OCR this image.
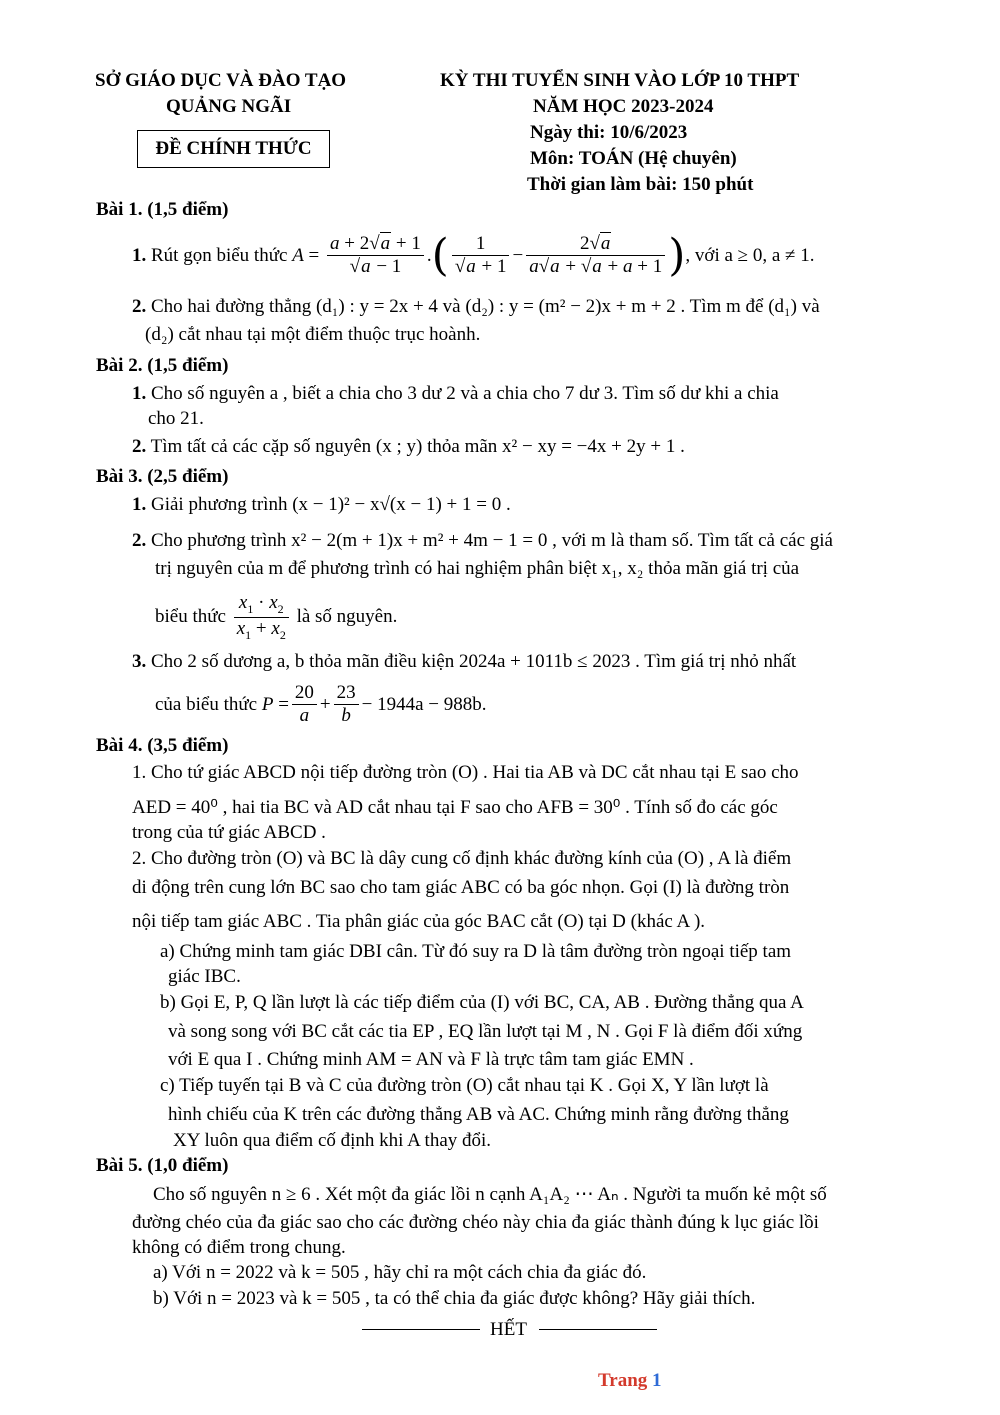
SỞ GIÁO DỤC VÀ ĐÀO TẠO
QUẢNG NGÃI
ĐỀ CHÍNH THỨC
KỲ THI TUYỂN SINH VÀO LỚP 10 THPT
NĂM HỌC 2023-2024
Ngày thi: 10/6/2023
Môn: TOÁN (Hệ chuyên)
Thời gian làm bài: 150 phút
Bài 1. (1,5 điểm)
1.
Rút gọn biểu thức
$A = \frac{a + 2√a + 1}{√a - 1}$ . ( $\frac{1}{√a + 1} - \frac{2√a}{a√a + √a + a + 1}$ ) , với a ≥ 0, a ≠ 1.
2. Cho hai đường thẳng (d₁) : y = 2x + 4 và (d₂) : y = (m² − 2)x + m + 2 . Tìm m để (d₁) và
(d₂) cắt nhau tại một điểm thuộc trục hoành.
Bài 2. (1,5 điểm)
1. Cho số nguyên a , biết a chia cho 3 dư 2 và a chia cho 7 dư 3. Tìm số dư khi a chia
cho 21.
2. Tìm tất cả các cặp số nguyên (x ; y) thỏa mãn x² − xy = −4x + 2y + 1 .
Bài 3. (2,5 điểm)
1. Giải phương trình (x − 1)² − x√(x − 1) + 1 = 0 .
2. Cho phương trình x² − 2(m + 1)x + m² + 4m − 1 = 0 , với m là tham số. Tìm tất cả các giá
trị nguyên của m để phương trình có hai nghiệm phân biệt x₁, x₂ thỏa mãn giá trị của
biểu thức
$\frac{x_1 \cdot x_2}{x_1 + x_2}$
là số nguyên.
3. Cho 2 số dương a, b thỏa mãn điều kiện 2024a + 1011b ≤ 2023 . Tìm giá trị nhỏ nhất
của biểu thức
$P = \frac{20}{a} + \frac{23}{b} - 1944a - 988b$.
Bài 4. (3,5 điểm)
1. Cho tứ giác ABCD nội tiếp đường tròn (O) . Hai tia AB và DC cắt nhau tại E sao cho
AED = 40⁰ , hai tia BC và AD cắt nhau tại F sao cho AFB = 30⁰ . Tính số đo các góc
trong của tứ giác ABCD .
2. Cho đường tròn (O) và BC là dây cung cố định khác đường kính của (O) , A là điểm
di động trên cung lớn BC sao cho tam giác ABC có ba góc nhọn. Gọi (I) là đường tròn
nội tiếp tam giác ABC . Tia phân giác của góc BAC cắt (O) tại D (khác A ).
a) Chứng minh tam giác DBI cân. Từ đó suy ra D là tâm đường tròn ngoại tiếp tam
giác IBC.
b) Gọi E, P, Q lần lượt là các tiếp điểm của (I) với BC, CA, AB . Đường thẳng qua A
và song song với BC cắt các tia EP , EQ lần lượt tại M , N . Gọi F là điểm đối xứng
với E qua I . Chứng minh AM = AN và F là trực tâm tam giác EMN .
c) Tiếp tuyến tại B và C của đường tròn (O) cắt nhau tại K . Gọi X, Y lần lượt là
hình chiếu của K trên các đường thẳng AB và AC. Chứng minh rằng đường thẳng
XY luôn qua điểm cố định khi A thay đổi.
Bài 5. (1,0 điểm)
Cho số nguyên n ≥ 6 . Xét một đa giác lồi n cạnh A₁A₂ ⋯ Aₙ . Người ta muốn kẻ một số
đường chéo của đa giác sao cho các đường chéo này chia đa giác thành đúng k lục giác lồi
không có điểm trong chung.
a) Với n = 2022 và k = 505 , hãy chỉ ra một cách chia đa giác đó.
b) Với n = 2023 và k = 505 , ta có thể chia đa giác được không? Hãy giải thích.
HẾT
Trang 1
